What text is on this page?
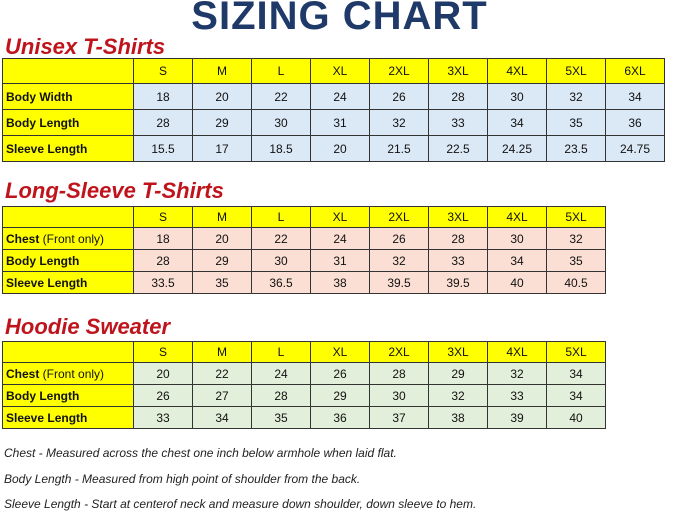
SIZING CHART
Unisex T-Shirts
	S	M	L	XL	2XL	3XL	4XL	5XL	6XL
Body Width	18	20	22	24	26	28	30	32	34
Body Length	28	29	30	31	32	33	34	35	36
Sleeve Length	15.5	17	18.5	20	21.5	22.5	24.25	23.5	24.75
Long-Sleeve T-Shirts
	S	M	L	XL	2XL	3XL	4XL	5XL
Chest (Front only)	18	20	22	24	26	28	30	32
Body Length	28	29	30	31	32	33	34	35
Sleeve Length	33.5	35	36.5	38	39.5	39.5	40	40.5
Hoodie Sweater
	S	M	L	XL	2XL	3XL	4XL	5XL
Chest (Front only)	20	22	24	26	28	29	32	34
Body Length	26	27	28	29	30	32	33	34
Sleeve Length	33	34	35	36	37	38	39	40
Chest - Measured across the chest one inch below armhole when laid flat.
Body Length - Measured from high point of shoulder from the back.
Sleeve Length - Start at centerof neck and measure down shoulder, down sleeve to hem.
